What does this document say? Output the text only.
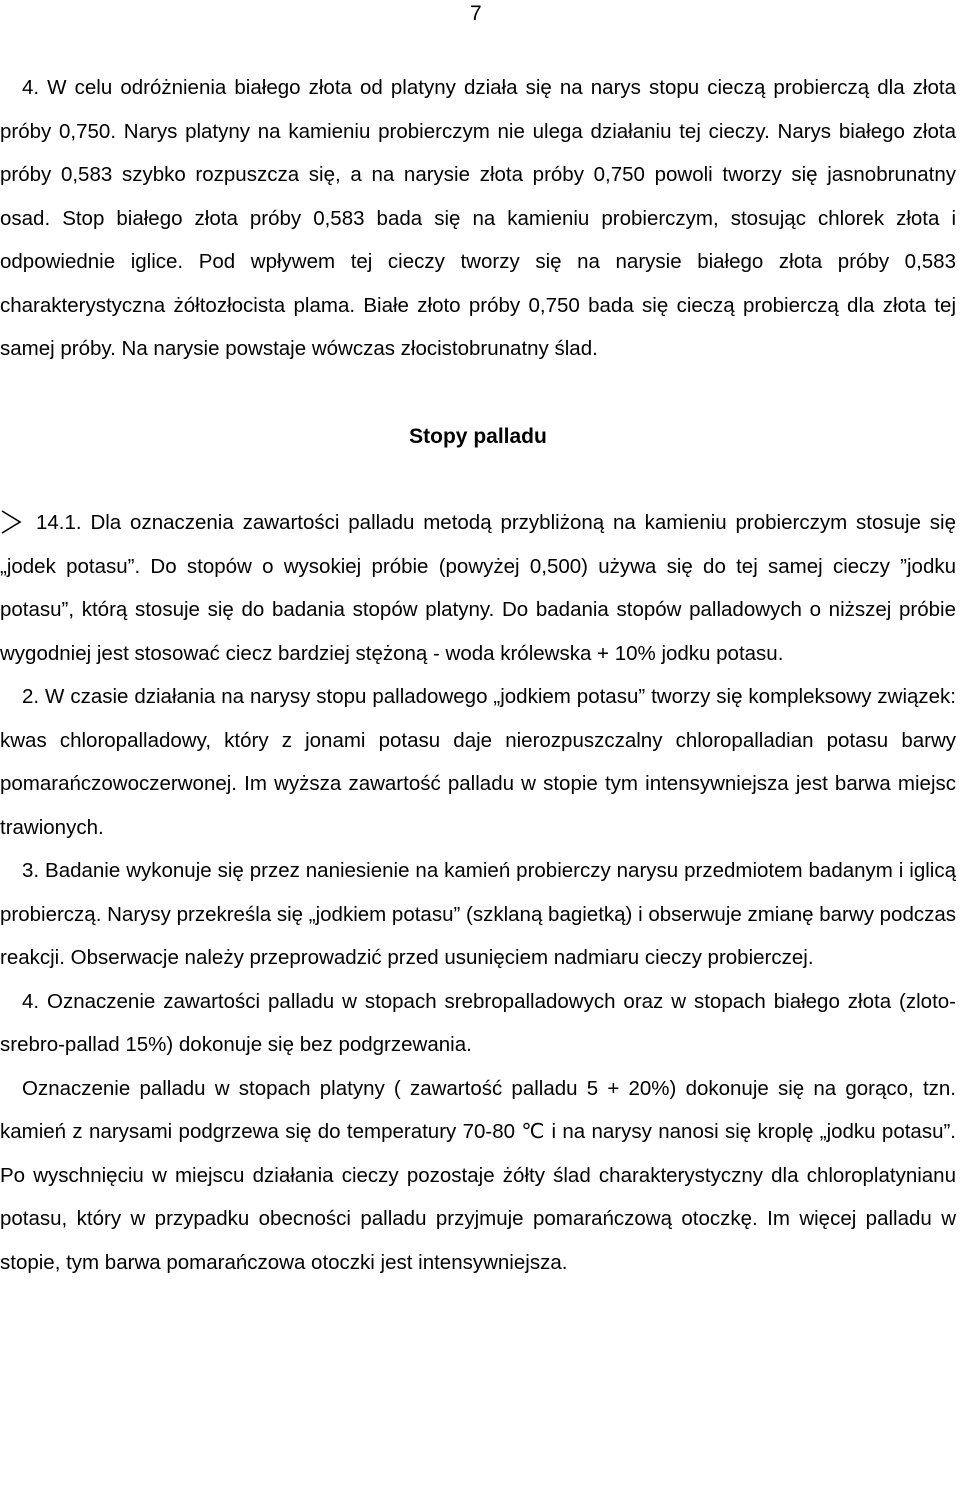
7

4. W celu odróżnienia białego złota od platyny działa się na narys stopu cieczą probierczą dla złota próby 0,750. Narys platyny na kamieniu probierczym nie ulega działaniu tej cieczy. Narys białego złota próby 0,583 szybko rozpuszcza się, a na narysie złota próby 0,750 powoli tworzy się jasnobrunatny osad. Stop białego złota próby 0,583 bada się na kamieniu probierczym, stosując chlorek złota i odpowiednie iglice. Pod wpływem tej cieczy tworzy się na narysie białego złota próby 0,583 charakterystyczna żółtozłocista plama. Białe złoto próby 0,750 bada się cieczą probierczą dla złota tej samej próby. Na narysie powstaje wówczas złocistobrunatny ślad.

Stopy palladu

14.1. Dla oznaczenia zawartości palladu metodą przybliżoną na kamieniu probierczym stosuje się „jodek potasu”. Do stopów o wysokiej próbie (powyżej 0,500) używa się do tej samej cieczy ”jodku potasu”, którą stosuje się do badania stopów platyny. Do badania stopów palladowych o niższej próbie wygodniej jest stosować ciecz bardziej stężoną - woda królewska + 10% jodku potasu.

2. W czasie działania na narysy stopu palladowego „jodkiem potasu” tworzy się kompleksowy związek: kwas chloropalladowy, który z jonami potasu daje nierozpuszczalny chloropalladian potasu barwy pomarańczowoczerwonej. Im wyższa zawartość palladu w stopie tym intensywniejsza jest barwa miejsc trawionych.

3. Badanie wykonuje się przez naniesienie na kamień probierczy narysu przedmiotem badanym i iglicą probierczą. Narysy przekreśla się „jodkiem potasu” (szklaną bagietką) i obserwuje zmianę barwy podczas reakcji. Obserwacje należy przeprowadzić przed usunięciem nadmiaru cieczy probierczej.

4. Oznaczenie zawartości palladu w stopach srebropalladowych oraz w stopach białego złota (zloto-srebro-pallad 15%) dokonuje się bez podgrzewania.

Oznaczenie palladu w stopach platyny ( zawartość palladu 5 + 20%) dokonuje się na gorąco, tzn. kamień z narysami podgrzewa się do temperatury 70-80 ℃ i na narysy nanosi się kroplę „jodku potasu”. Po wyschnięciu w miejscu działania cieczy pozostaje żółty ślad charakterystyczny dla chloroplatynianu potasu, który w przypadku obecności palladu przyjmuje pomarańczową otoczkę. Im więcej palladu w stopie, tym barwa pomarańczowa otoczki jest intensywniejsza.
